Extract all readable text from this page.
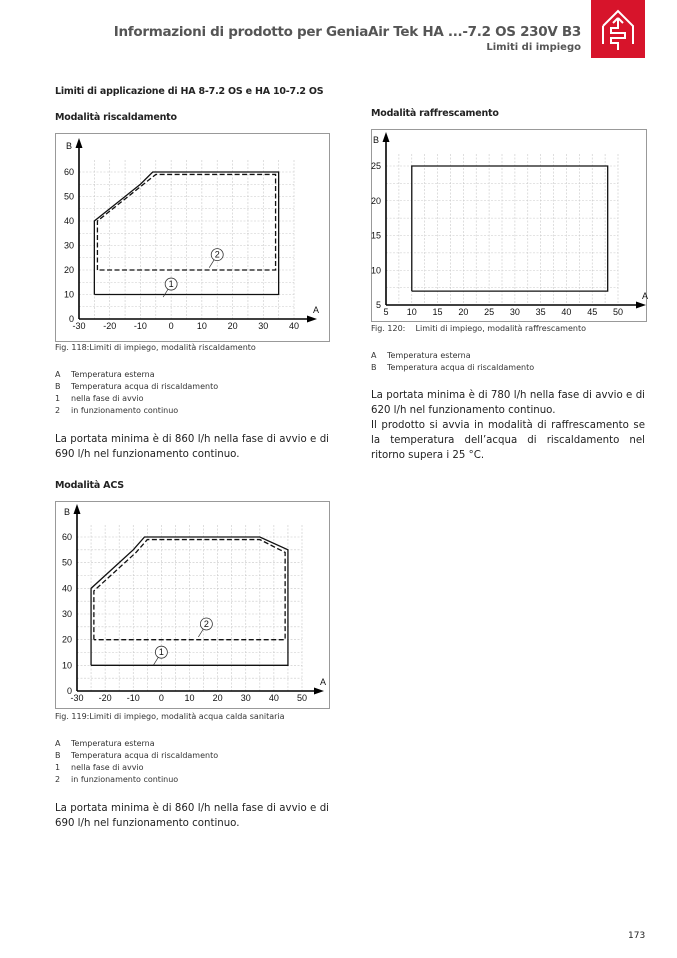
Informazioni di prodotto per GeniaAir Tek HA ...-7.2 OS 230V B3
Limiti di impiego
Limiti di applicazione di HA 8-7.2 OS e HA 10-7.2 OS
Modalità riscaldamento
A
B
-30 -20 -10 0	10 20 30 40
0
10
20
30
40
50
60
1
2
Fig. 118:Limiti di impiego, modalità riscaldamento
A Temperatura esterna
B Temperatura acqua di riscaldamento
1 nella fase di avvio
2 in funzionamento continuo
La portata minima è di 860 l/h nella fase di avvio e di 690 l/h nel funzionamento continuo.
Modalità ACS
A
B
-30 -20 -10 0 10 20 30 40 50
0
10
20
30
40
50
60
1
2
Fig. 119:Limiti di impiego, modalità acqua calda sanitaria
A Temperatura esterna
B Temperatura acqua di riscaldamento
1 nella fase di avvio
2 in funzionamento continuo
La portata minima è di 860 l/h nella fase di avvio e di 690 l/h nel funzionamento continuo.
Modalità raffrescamento
A
B
5 10 15 20 25 30 35 40 45 50
5
10
15
20
25
Fig. 120:    Limiti di impiego, modalità raffrescamento
A Temperatura esterna
B Temperatura acqua di riscaldamento
La portata minima è di 780 l/h nella fase di avvio e di 620 l/h nel funzionamento continuo.
Il prodotto si avvia in modalità di raffrescamento se la temperatura dell’acqua di riscaldamento nel ritorno supera i 25 °C.
173
